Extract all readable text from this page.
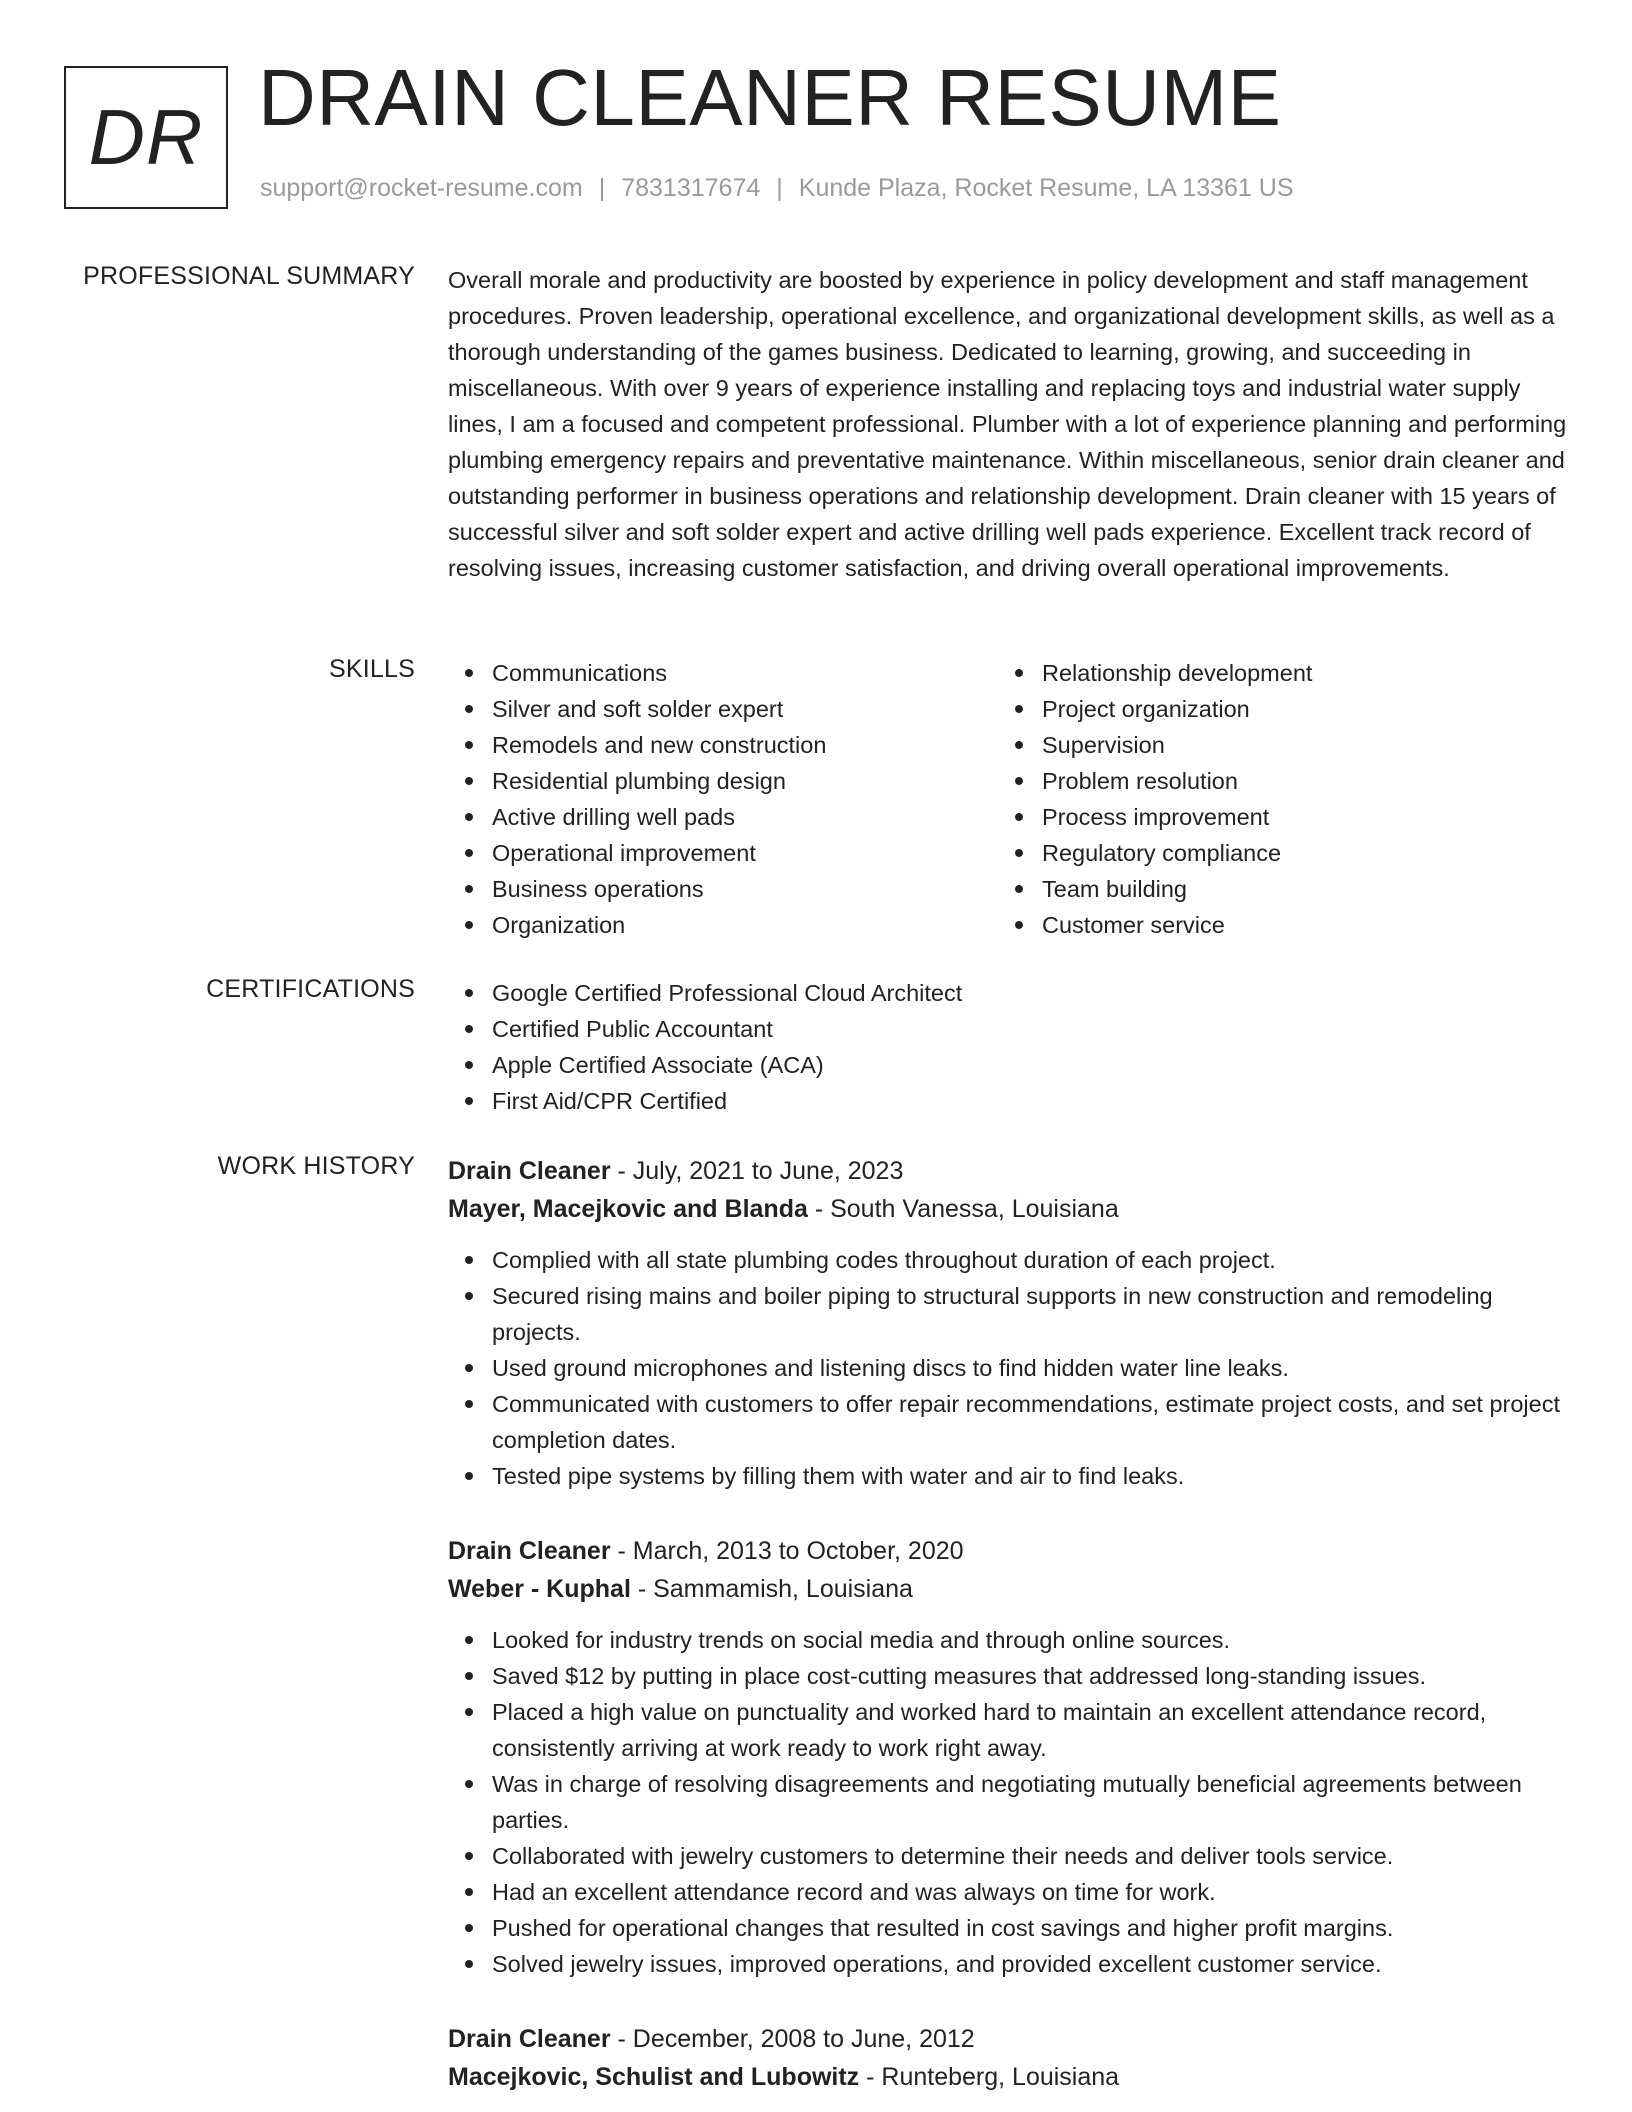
DR DRAIN CLEANER RESUME
support@rocket-resume.com | 7831317674 | Kunde Plaza, Rocket Resume, LA 13361 US
PROFESSIONAL SUMMARY Overall morale and productivity are boosted by experience in policy development and staff management procedures. Proven leadership, operational excellence, and organizational development skills, as well as a thorough understanding of the games business. Dedicated to learning, growing, and succeeding in miscellaneous. With over 9 years of experience installing and replacing toys and industrial water supply lines, I am a focused and competent professional. Plumber with a lot of experience planning and performing plumbing emergency repairs and preventative maintenance. Within miscellaneous, senior drain cleaner and outstanding performer in business operations and relationship development. Drain cleaner with 15 years of successful silver and soft solder expert and active drilling well pads experience. Excellent track record of resolving issues, increasing customer satisfaction, and driving overall operational improvements.
SKILLS	Communications
Silver and soft solder expert
Remodels and new construction
Residential plumbing design
Active drilling well pads
Operational improvement
Business operations
Organization
Relationship development
Project organization
Supervision
Problem resolution
Process improvement
Regulatory compliance
Team building
Customer service
CERTIFICATIONS	Google Certified Professional Cloud Architect
Certified Public Accountant
Apple Certified Associate (ACA)
First Aid/CPR Certified
WORK HISTORY Drain Cleaner - July, 2021 to June, 2023
Mayer, Macejkovic and Blanda - South Vanessa, Louisiana
Complied with all state plumbing codes throughout duration of each project.
Secured rising mains and boiler piping to structural supports in new construction and remodeling projects.
Used ground microphones and listening discs to find hidden water line leaks.
Communicated with customers to offer repair recommendations, estimate project costs, and set project completion dates.
Tested pipe systems by filling them with water and air to find leaks.
Drain Cleaner - March, 2013 to October, 2020
Weber - Kuphal - Sammamish, Louisiana
Looked for industry trends on social media and through online sources.
Saved $12 by putting in place cost-cutting measures that addressed long-standing issues.
Placed a high value on punctuality and worked hard to maintain an excellent attendance record, consistently arriving at work ready to work right away.
Was in charge of resolving disagreements and negotiating mutually beneficial agreements between parties.
Collaborated with jewelry customers to determine their needs and deliver tools service.
Had an excellent attendance record and was always on time for work.
Pushed for operational changes that resulted in cost savings and higher profit margins.
Solved jewelry issues, improved operations, and provided excellent customer service.
Drain Cleaner - December, 2008 to June, 2012
Macejkovic, Schulist and Lubowitz - Runteberg, Louisiana
